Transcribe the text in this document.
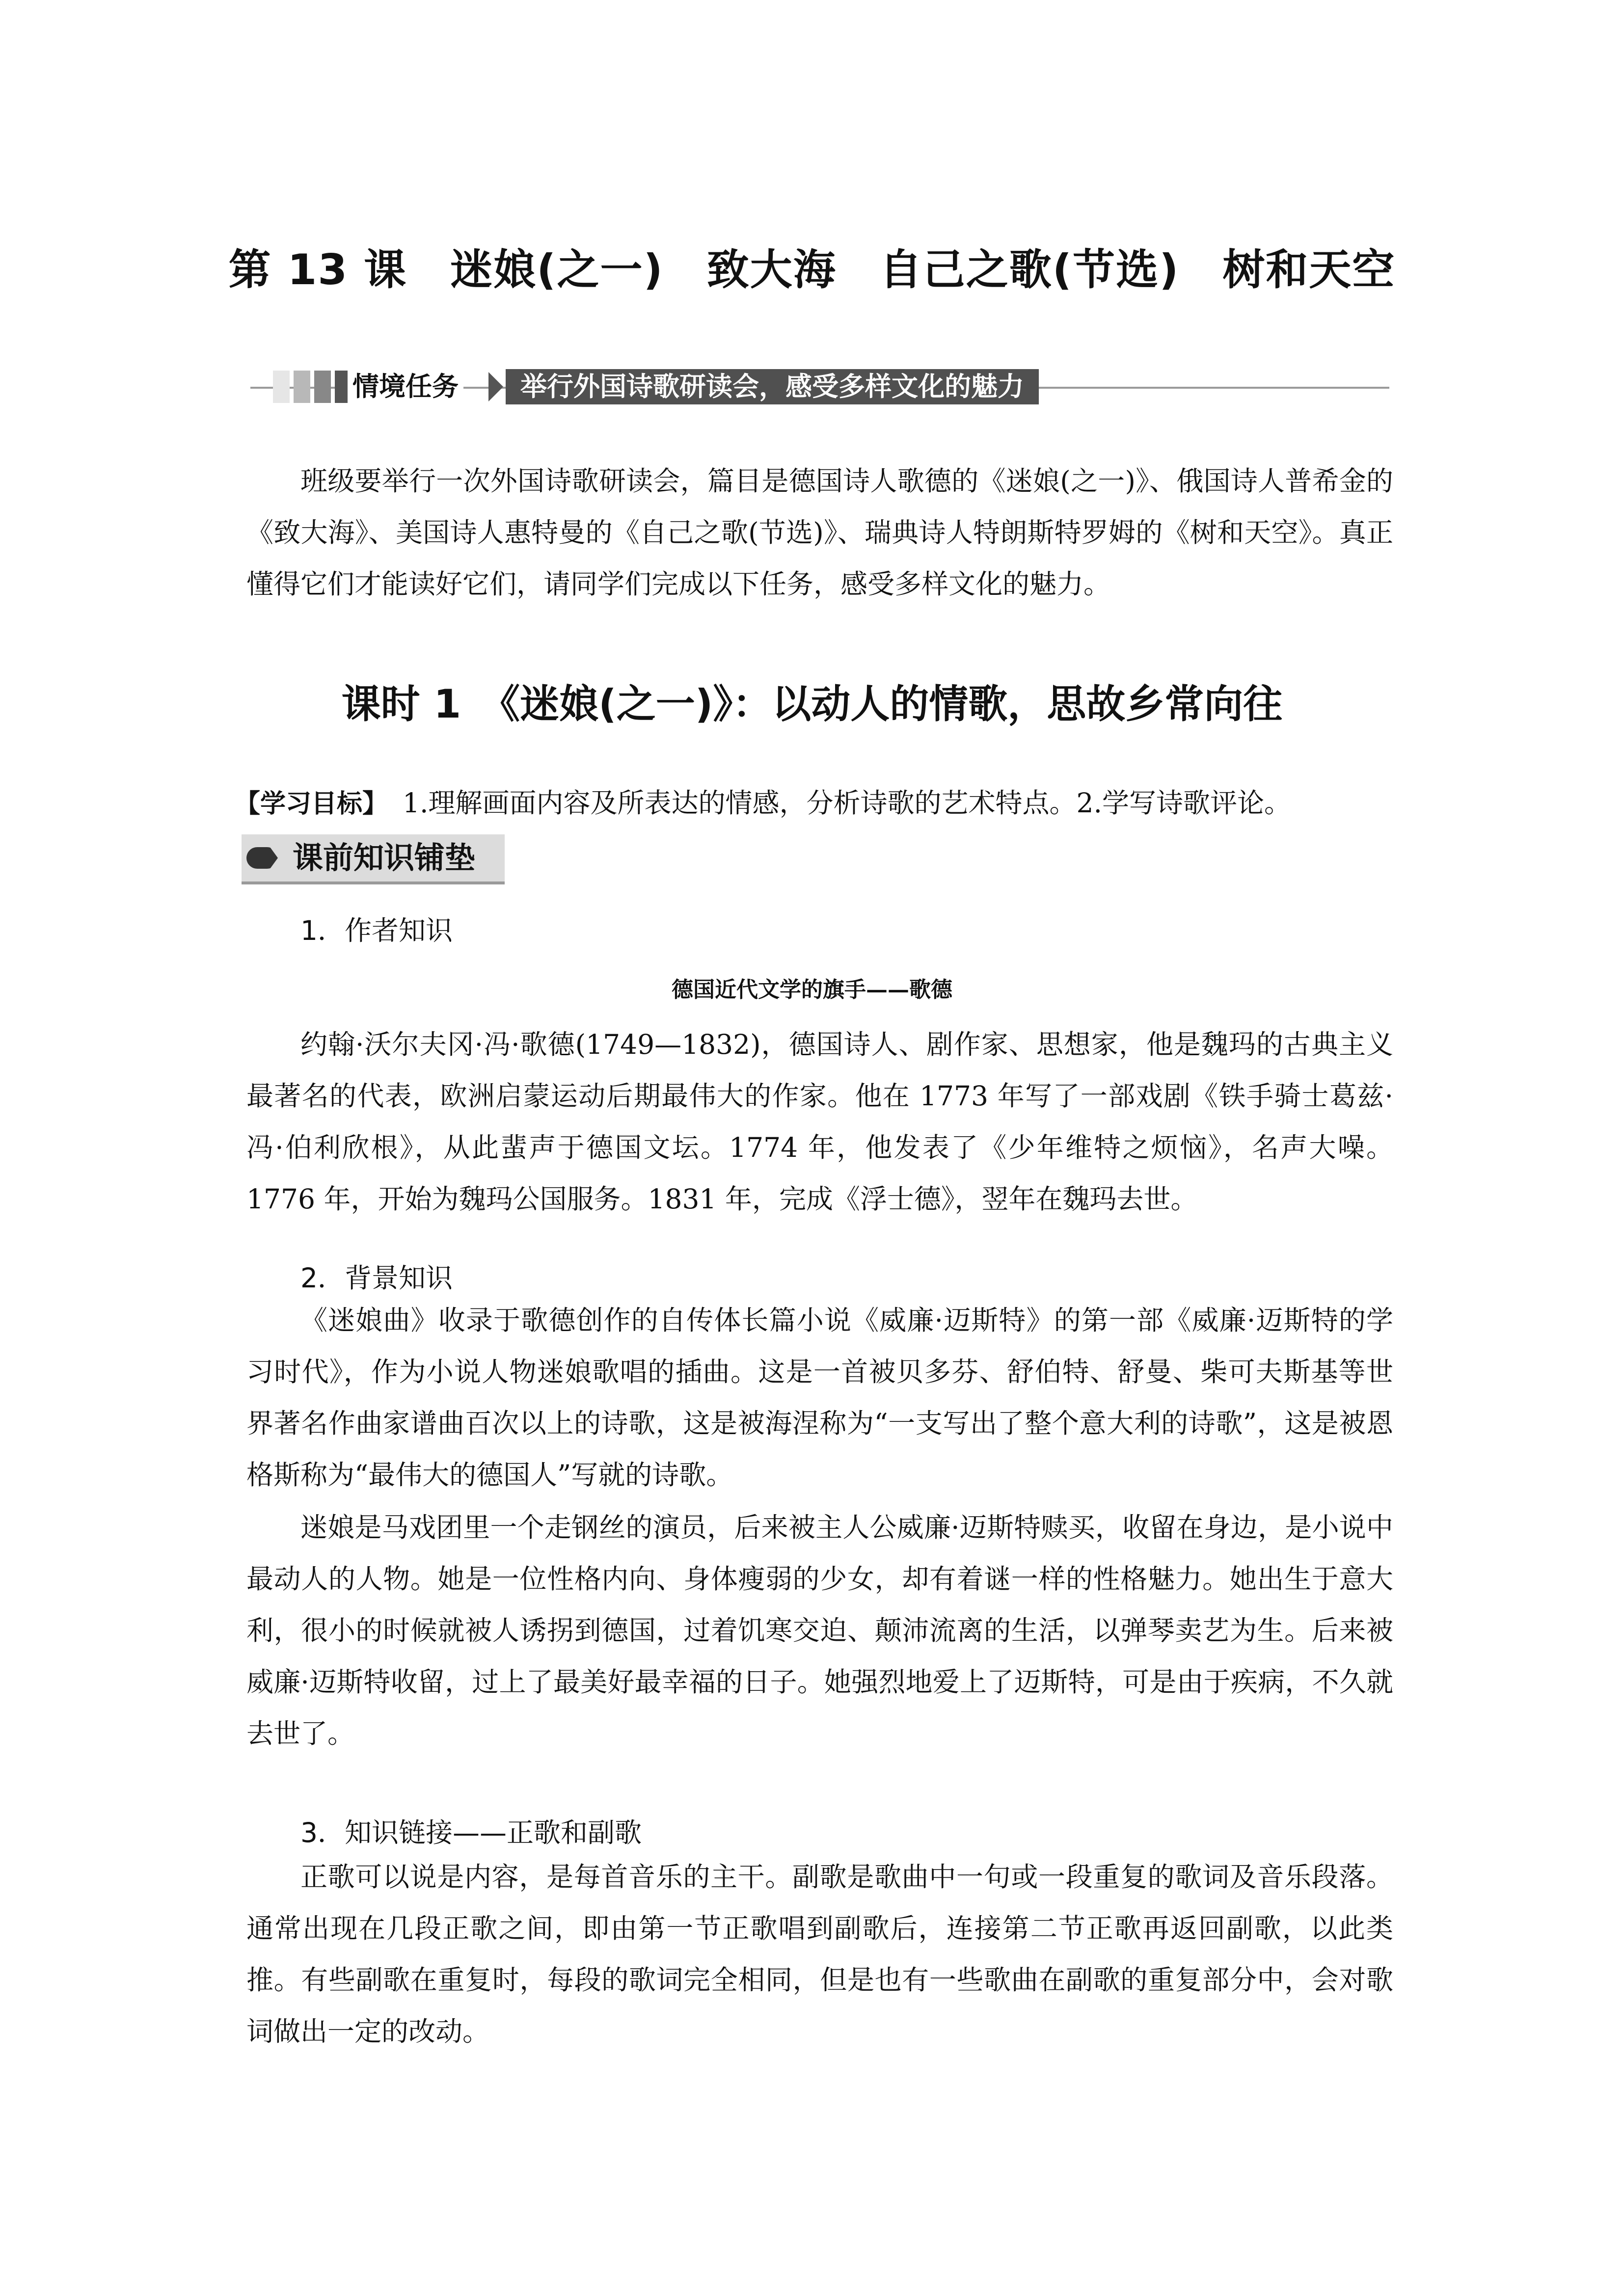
第 13 课　迷娘(之一)　致大海　自己之歌(节选)　树和天空
情境任务	举行外国诗歌研读会，感受多样文化的魅力
班级要举行一次外国诗歌研读会，篇目是德国诗人歌德的《迷娘(之一)》、俄国诗人普希金的《致大海》、美国诗人惠特曼的《自己之歌(节选)》、瑞典诗人特朗斯特罗姆的《树和天空》。真正懂得它们才能读好它们，请同学们完成以下任务，感受多样文化的魅力。
课时 1　《迷娘(之一)》：以动人的情歌，思故乡常向往
【学习目标】 1.理解画面内容及所表达的情感，分析诗歌的艺术特点。2.学写诗歌评论。
课前知识铺垫
1．作者知识
德国近代文学的旗手——歌德
约翰·沃尔夫冈·冯·歌德(1749—1832)，德国诗人、剧作家、思想家，他是魏玛的古典主义最著名的代表，欧洲启蒙运动后期最伟大的作家。他在 1773 年写了一部戏剧《铁手骑士葛兹·冯·伯利欣根》，从此蜚声于德国文坛。1774 年，他发表了《少年维特之烦恼》，名声大噪。1776 年，开始为魏玛公国服务。1831 年，完成《浮士德》，翌年在魏玛去世。
2．背景知识
《迷娘曲》收录于歌德创作的自传体长篇小说《威廉·迈斯特》的第一部《威廉·迈斯特的学习时代》，作为小说人物迷娘歌唱的插曲。这是一首被贝多芬、舒伯特、舒曼、柴可夫斯基等世界著名作曲家谱曲百次以上的诗歌，这是被海涅称为“一支写出了整个意大利的诗歌”，这是被恩格斯称为“最伟大的德国人”写就的诗歌。
迷娘是马戏团里一个走钢丝的演员，后来被主人公威廉·迈斯特赎买，收留在身边，是小说中最动人的人物。她是一位性格内向、身体瘦弱的少女，却有着谜一样的性格魅力。她出生于意大利，很小的时候就被人诱拐到德国，过着饥寒交迫、颠沛流离的生活，以弹琴卖艺为生。后来被威廉·迈斯特收留，过上了最美好最幸福的日子。她强烈地爱上了迈斯特，可是由于疾病，不久就去世了。
3．知识链接——正歌和副歌
正歌可以说是内容，是每首音乐的主干。副歌是歌曲中一句或一段重复的歌词及音乐段落。通常出现在几段正歌之间，即由第一节正歌唱到副歌后，连接第二节正歌再返回副歌，以此类推。有些副歌在重复时，每段的歌词完全相同，但是也有一些歌曲在副歌的重复部分中，会对歌词做出一定的改动。
